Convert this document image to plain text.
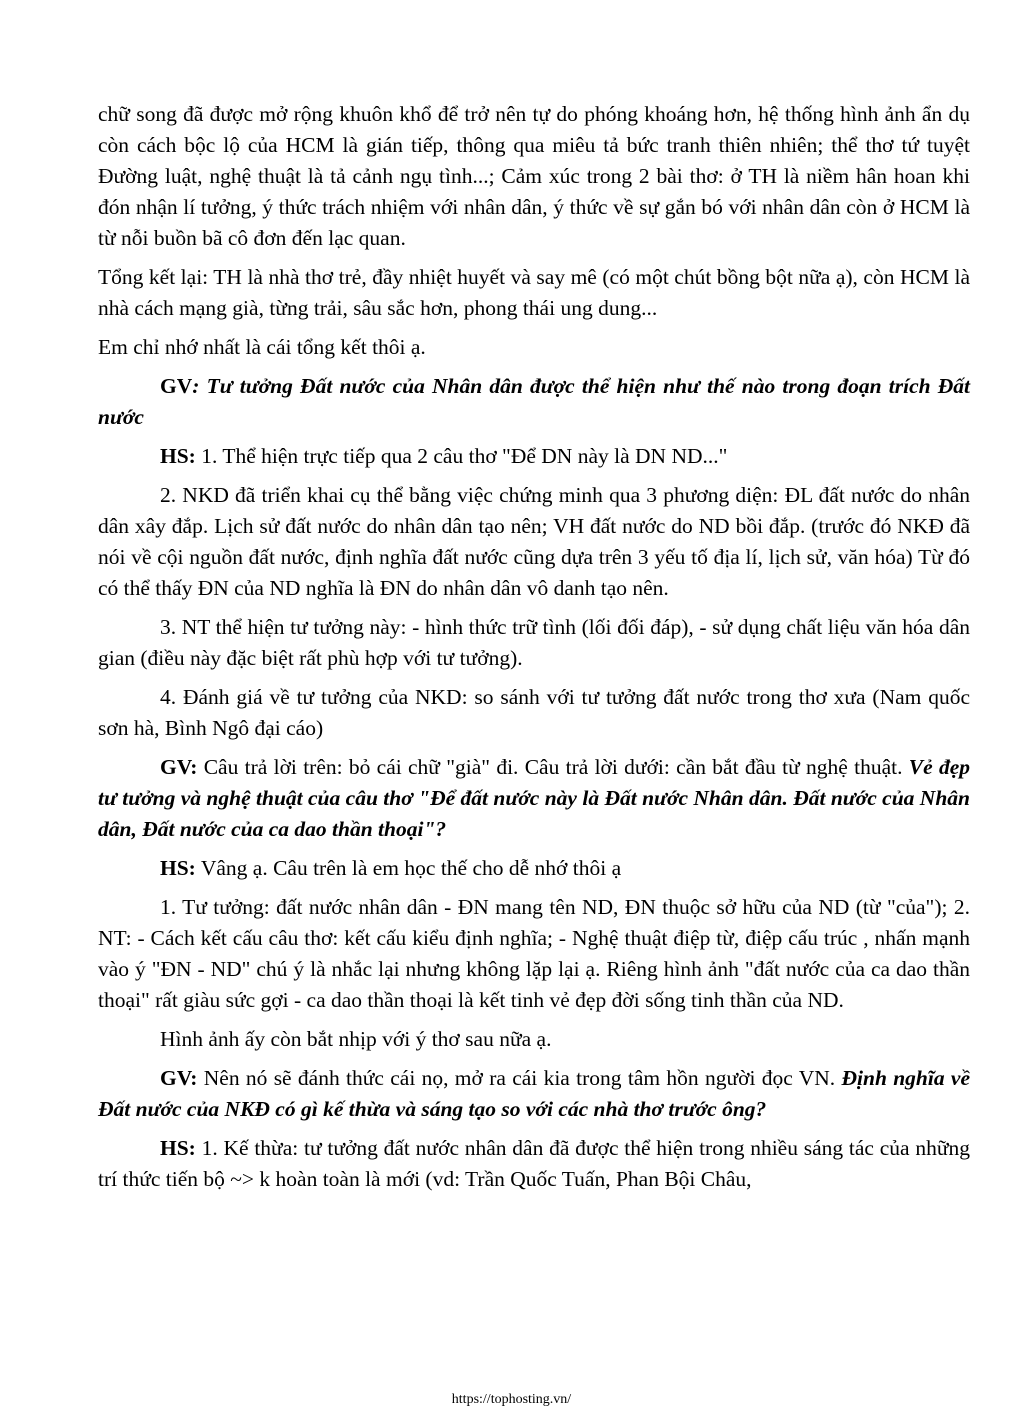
chữ song đã được mở rộng khuôn khổ để trở nên tự do phóng khoáng hơn, hệ thống hình ảnh ẩn dụ còn cách bộc lộ của HCM là gián tiếp, thông qua miêu tả bức tranh thiên nhiên; thể thơ tứ tuyệt Đường luật, nghệ thuật là tả cảnh ngụ tình...; Cảm xúc trong 2 bài thơ: ở TH là niềm hân hoan khi đón nhận lí tưởng, ý thức trách nhiệm với nhân dân, ý thức về sự gắn bó với nhân dân còn ở HCM là từ nỗi buồn bã cô đơn đến lạc quan.

Tổng kết lại: TH là nhà thơ trẻ, đầy nhiệt huyết và say mê (có một chút bồng bột nữa ạ), còn HCM là nhà cách mạng già, từng trải, sâu sắc hơn, phong thái ung dung...

Em chỉ nhớ nhất là cái tổng kết thôi ạ.

GV: Tư tưởng Đất nước của Nhân dân được thể hiện như thế nào trong đoạn trích Đất nước

HS: 1. Thể hiện trực tiếp qua 2 câu thơ "Để DN này là DN ND..."

2. NKD đã triển khai cụ thể bằng việc chứng minh qua 3 phương diện: ĐL đất nước do nhân dân xây đắp. Lịch sử đất nước do nhân dân tạo nên; VH đất nước do ND bồi đắp. (trước đó NKĐ đã nói về cội nguồn đất nước, định nghĩa đất nước cũng dựa trên 3 yếu tố địa lí, lịch sử, văn hóa) Từ đó có thể thấy ĐN của ND nghĩa là ĐN do nhân dân vô danh tạo nên.

3. NT thể hiện tư tưởng này: - hình thức trữ tình (lối đối đáp), - sử dụng chất liệu văn hóa dân gian (điều này đặc biệt rất phù hợp với tư tưởng).

4. Đánh giá về tư tưởng của NKD: so sánh với tư tưởng đất nước trong thơ xưa (Nam quốc sơn hà, Bình Ngô đại cáo)

GV: Câu trả lời trên: bỏ cái chữ "già" đi. Câu trả lời dưới: cần bắt đầu từ nghệ thuật. Vẻ đẹp tư tưởng và nghệ thuật của câu thơ "Để đất nước này là Đất nước Nhân dân. Đất nước của Nhân dân, Đất nước của ca dao thần thoại"?

HS: Vâng ạ. Câu trên là em học thế cho dễ nhớ thôi ạ

1. Tư tưởng: đất nước nhân dân - ĐN mang tên ND, ĐN thuộc sở hữu của ND (từ "của"); 2. NT: - Cách kết cấu câu thơ: kết cấu kiểu định nghĩa; - Nghệ thuật điệp từ, điệp cấu trúc , nhấn mạnh vào ý "ĐN - ND" chú ý là nhắc lại nhưng không lặp lại ạ. Riêng hình ảnh "đất nước của ca dao thần thoại" rất giàu sức gợi - ca dao thần thoại là kết tinh vẻ đẹp đời sống tinh thần của ND.

Hình ảnh ấy còn bắt nhịp với ý thơ sau nữa ạ.

GV: Nên nó sẽ đánh thức cái nọ, mở ra cái kia trong tâm hồn người đọc VN. Định nghĩa về Đất nước của NKĐ có gì kế thừa và sáng tạo so với các nhà thơ trước ông?

HS: 1. Kế thừa: tư tưởng đất nước nhân dân đã được thể hiện trong nhiều sáng tác của những trí thức tiến bộ ~> k hoàn toàn là mới (vd: Trần Quốc Tuấn, Phan Bội Châu,

https://tophosting.vn/
